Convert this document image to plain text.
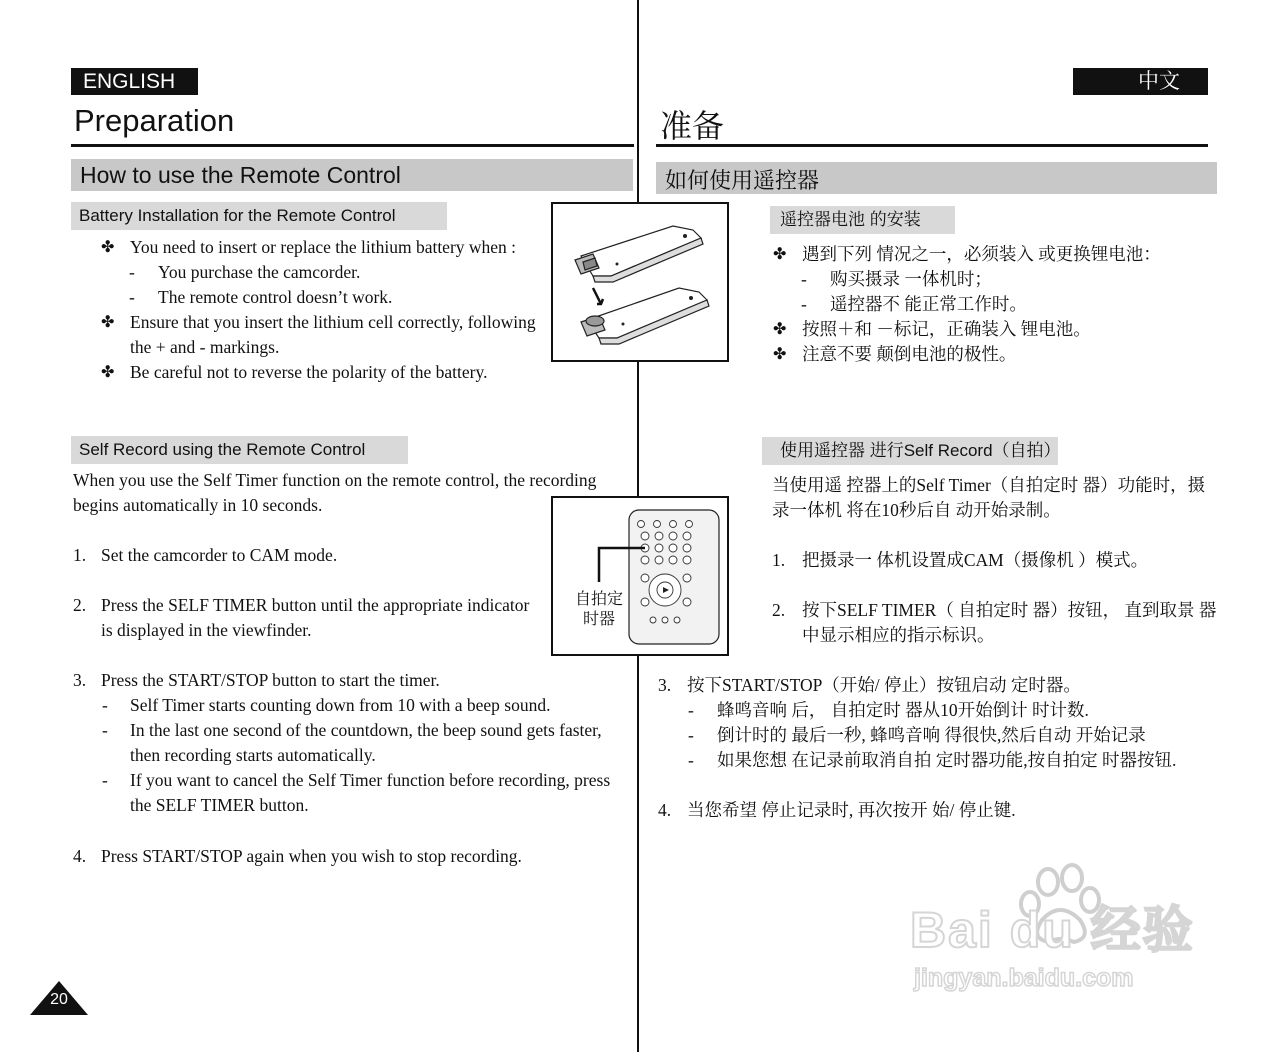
ENGLISH	中文
Preparation	准备
How to use the Remote Control	如何使用遥控器
Battery Installation for the Remote Control
✤ You need to insert or replace the lithium battery when :
- You purchase the camcorder.
- The remote control doesn’t work.
✤ Ensure that you insert the lithium cell correctly, following
the + and - markings.
✤ Be careful not to reverse the polarity of the battery.
Self Record using the Remote Control
When you use the Self Timer function on the remote control, the recording
begins automatically in 10 seconds.
1. Set the camcorder to CAM mode.
2. Press the SELF TIMER button until the appropriate indicator
is displayed in the viewfinder.
3. Press the START/STOP button to start the timer.
- Self Timer starts counting down from 10 with a beep sound.
- In the last one second of the countdown, the beep sound gets faster,
then recording starts automatically.
- If you want to cancel the Self Timer function before recording, press
the SELF TIMER button.
4. Press START/STOP again when you wish to stop recording.
自拍定
时器
遥控器电池 的安装
✤ 遇到下列 情况之一，必须装入 或更换锂电池：
- 购买摄录 一体机时；
- 遥控器不 能正常工作时。
✤ 按照＋和 －标记，正确装入 锂电池。
✤ 注意不要 颠倒电池的极性。
使用遥控器 进行Self Record（自拍）
当使用遥 控器上的Self Timer（自拍定时 器）功能时，摄
录一体机 将在10秒后自 动开始录制。
1. 把摄录一 体机设置成CAM（摄像机 ）模式。
2. 按下SELF TIMER（ 自拍定时 器）按钮， 直到取景 器
中显示相应的指示标识。
3. 按下START/STOP（开始/ 停止）按钮启动 定时器。
- 蜂鸣音响 后， 自拍定时 器从10开始倒计 时计数.
- 倒计时的 最后一秒, 蜂鸣音响 得很快,然后自动 开始记录
- 如果您想 在记录前取消自拍 定时器功能,按自拍定 时器按钮.
4. 当您希望 停止记录时, 再次按开 始/ 停止键.
20
Bai du 经验
jingyan.baidu.com
